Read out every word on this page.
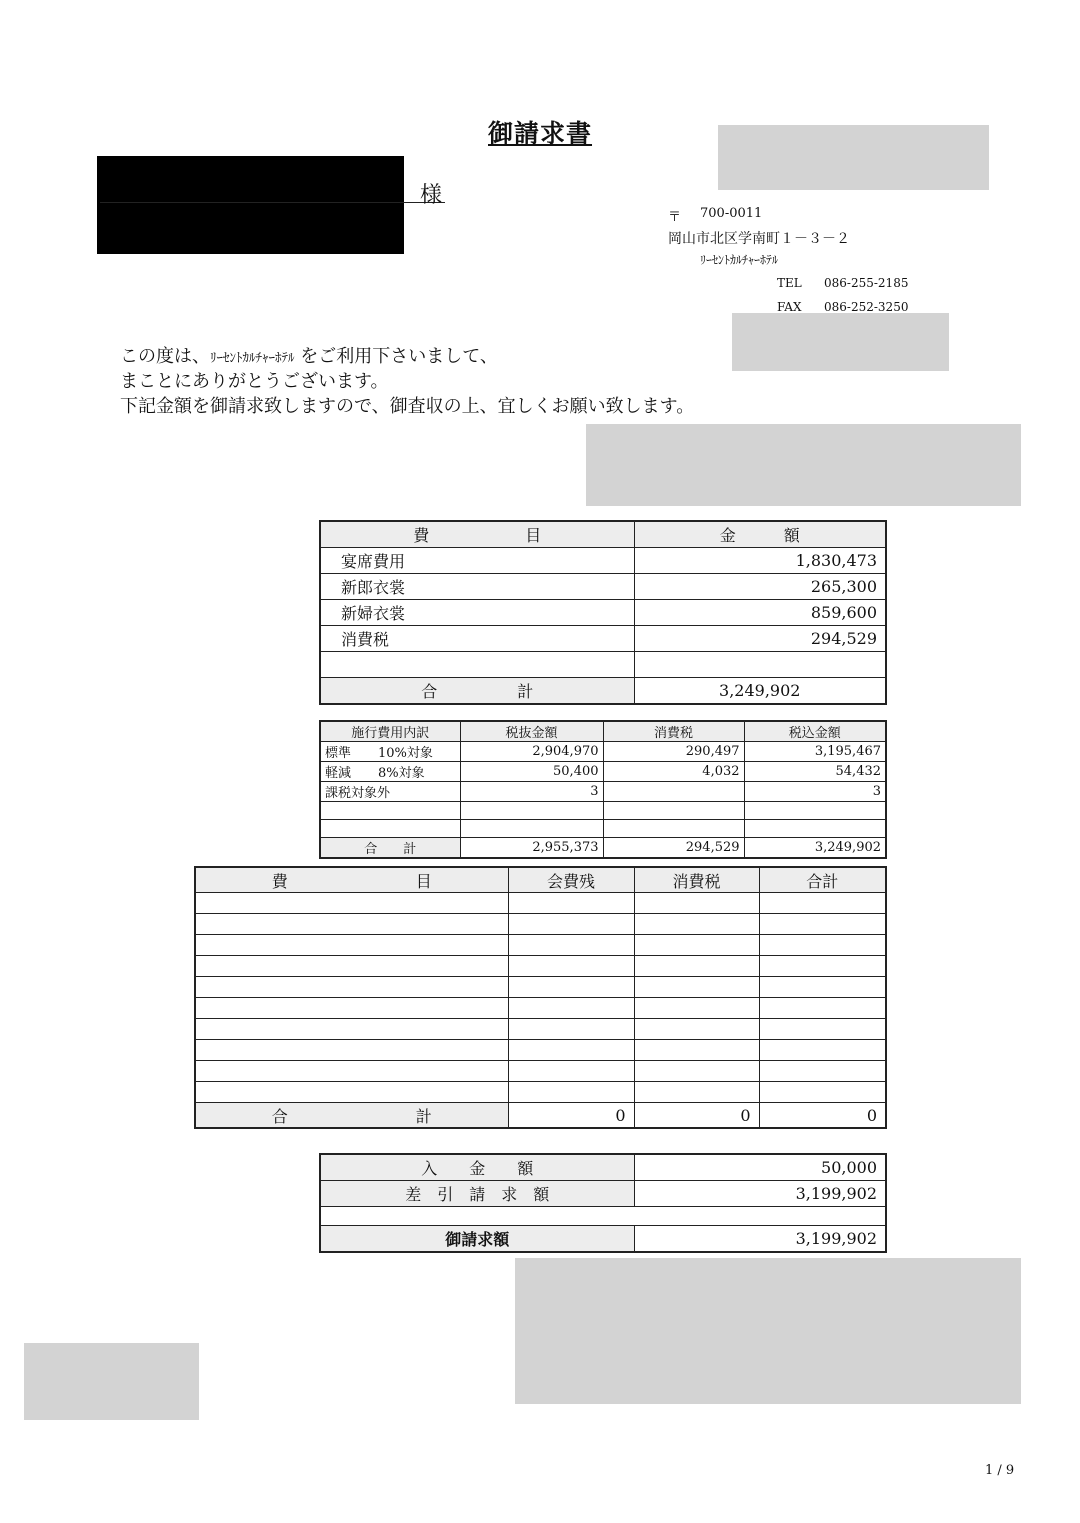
御請求書
様
〒 700-0011
岡山市北区学南町１－３－２
ﾘｰｾﾝﾄｶﾙﾁｬｰﾎﾃﾙ
TEL 086-255-2185
FAX 086-252-3250
この度は、ﾘｰｾﾝﾄｶﾙﾁｬｰﾎﾃﾙ をご利用下さいまして、
まことにありがとうございます。
下記金額を御請求致しますので、御査収の上、宜しくお願い致します。
費　　　　　　目	金　　　額
宴席費用	1,830,473
新郎衣裳	265,300
新婦衣裳	859,600
消費税	294,529

合　　　　　計	3,249,902
施行費用内訳		税抜金額	消費税	税込金額
標準	10%対象	2,904,970	290,497	3,195,467
軽減	8%対象	50,400	4,032	54,432
課税対象外		3		3

合　　計		2,955,373	294,529	3,249,902
費　　　　　　　　目	会費残	消費税	合計

合　　　　　　　　計	0	0	0
入　　金　　額	50,000
差　引　請　求　額	3,199,902

御請求額	3,199,902
1 / 9
